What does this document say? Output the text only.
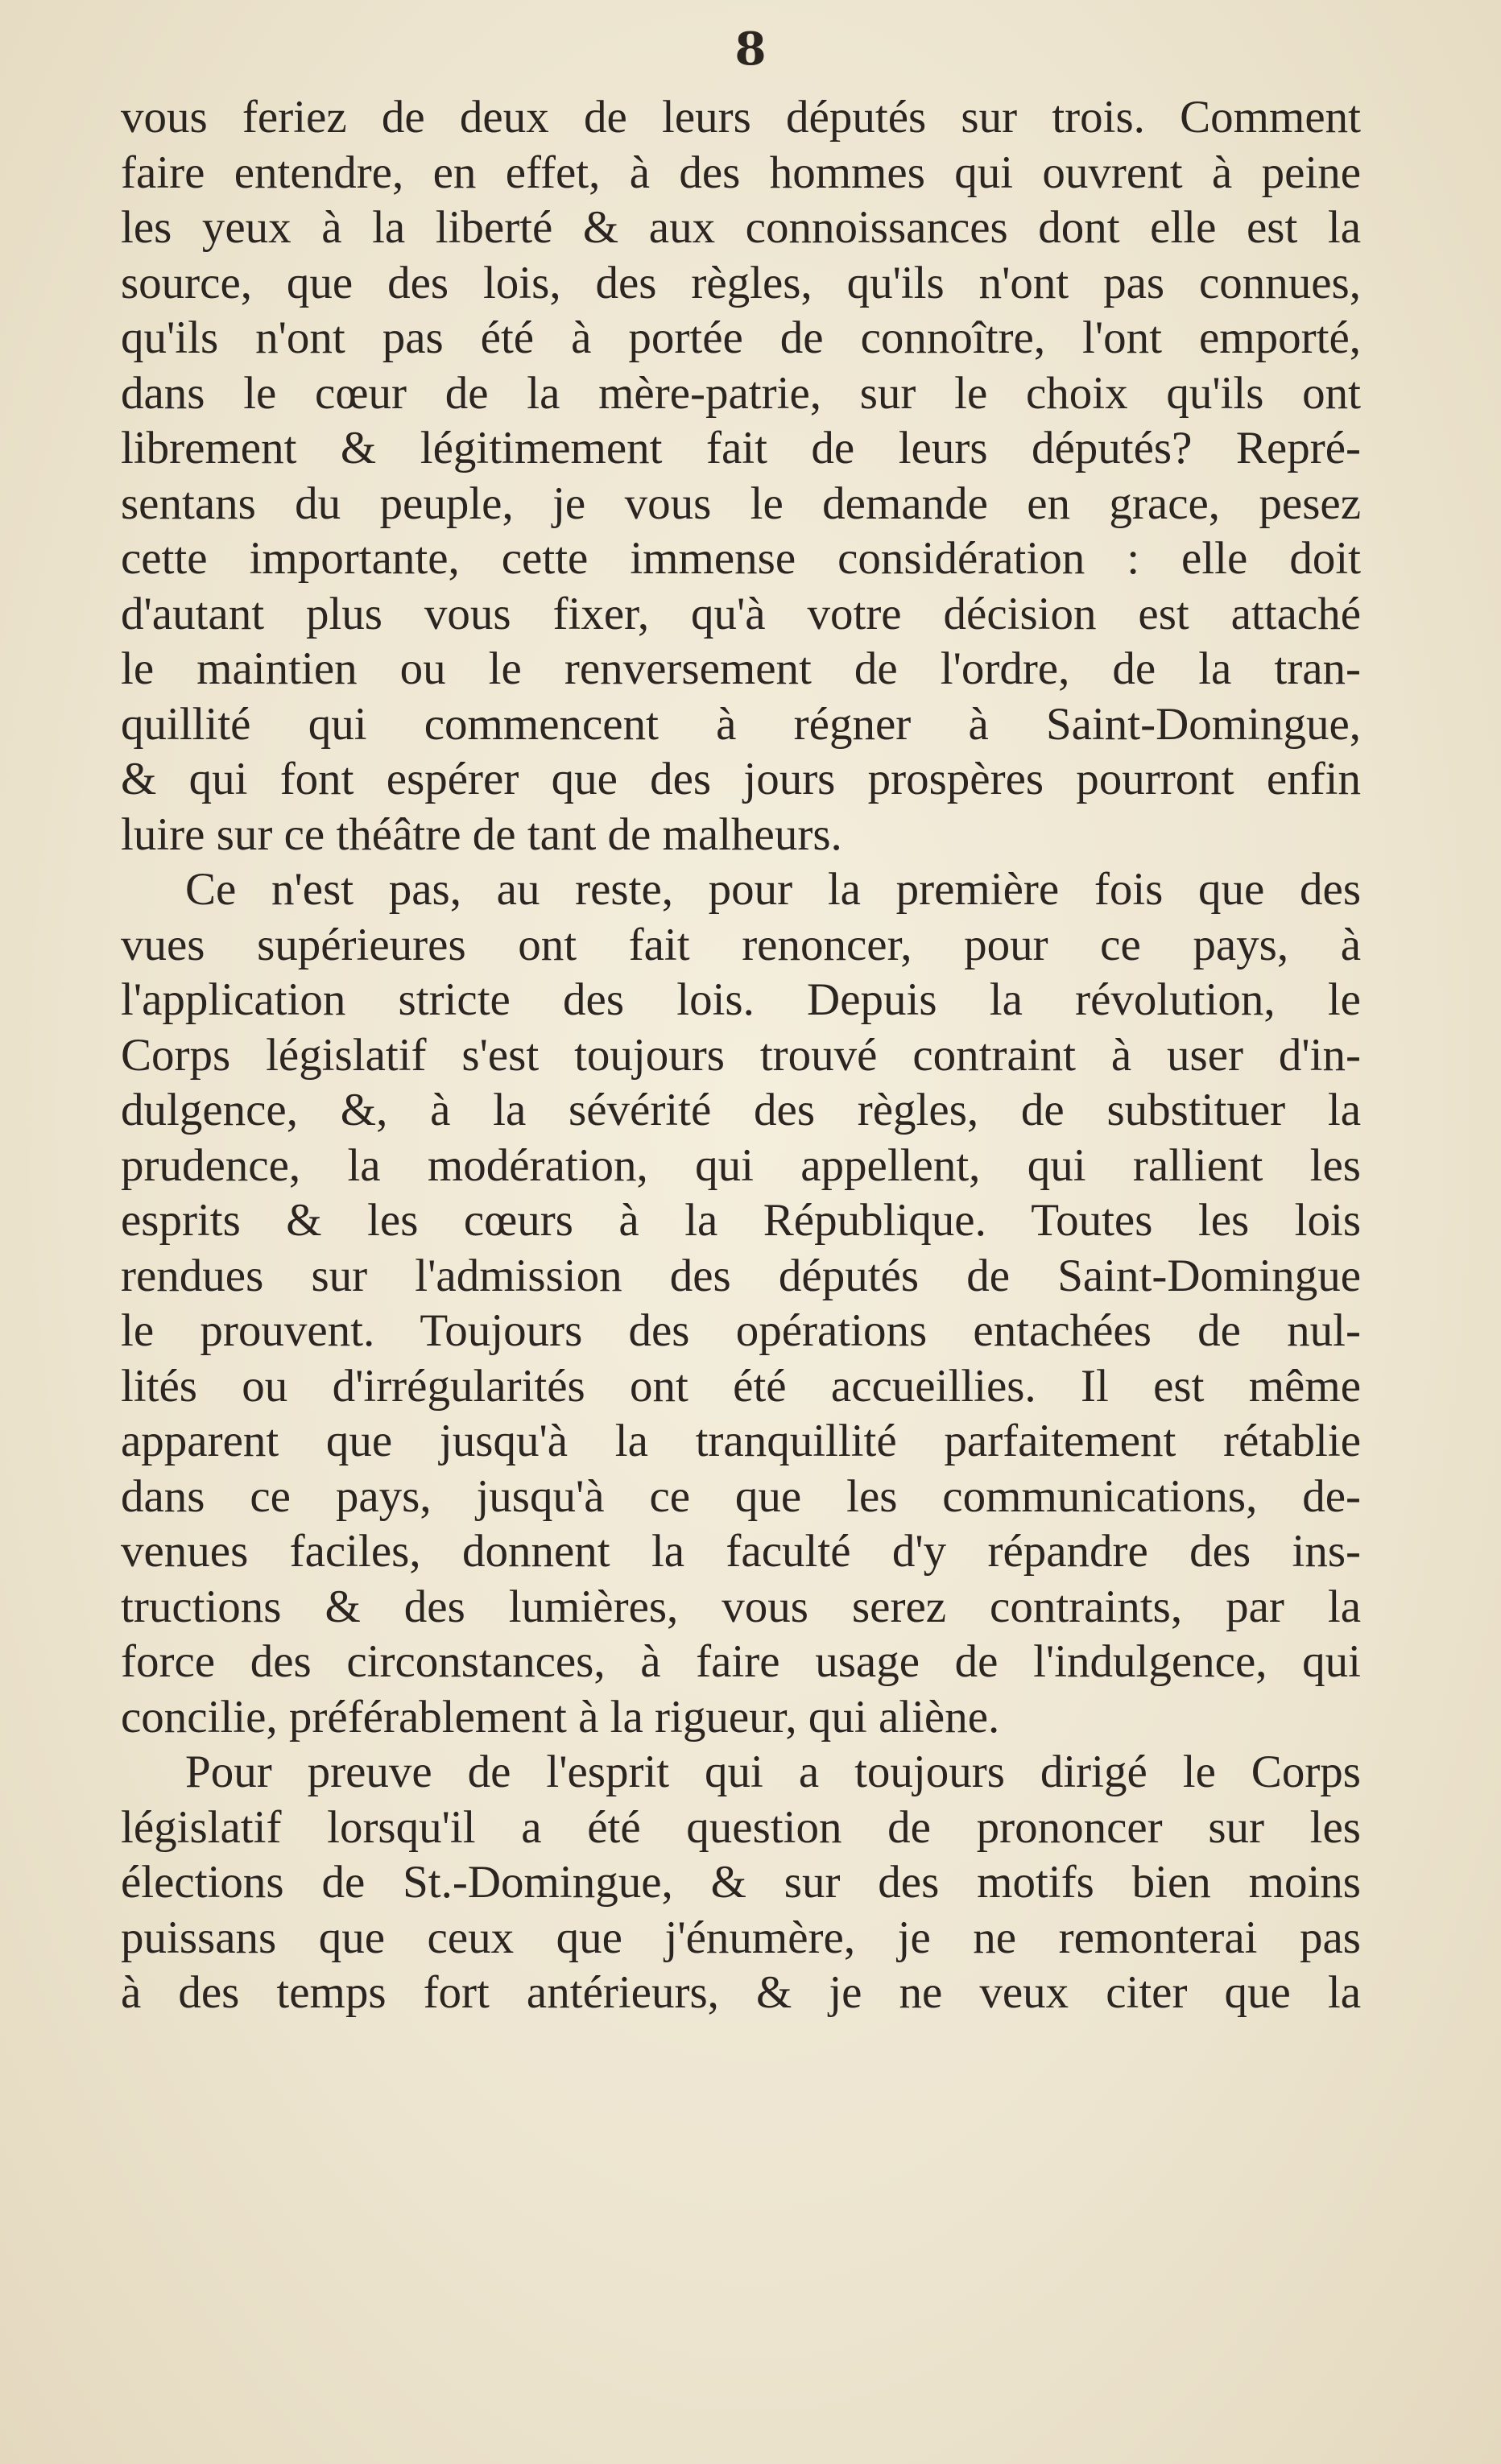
8
vous feriez de deux de leurs députés sur trois. Comment
faire entendre, en effet, à des hommes qui ouvrent à peine
les yeux à la liberté & aux connoissances dont elle est la
source, que des lois, des règles, qu'ils n'ont pas connues,
qu'ils n'ont pas été à portée de connoître, l'ont emporté,
dans le cœur de la mère-patrie, sur le choix qu'ils ont
librement & légitimement fait de leurs députés? Repré-
sentans du peuple, je vous le demande en grace, pesez
cette importante, cette immense considération : elle doit
d'autant plus vous fixer, qu'à votre décision est attaché
le maintien ou le renversement de l'ordre, de la tran-
quillité qui commencent à régner à Saint-Domingue,
& qui font espérer que des jours prospères pourront enfin
luire sur ce théâtre de tant de malheurs.
Ce n'est pas, au reste, pour la première fois que des
vues supérieures ont fait renoncer, pour ce pays, à
l'application stricte des lois. Depuis la révolution, le
Corps législatif s'est toujours trouvé contraint à user d'in-
dulgence, &, à la sévérité des règles, de substituer la
prudence, la modération, qui appellent, qui rallient les
esprits & les cœurs à la République. Toutes les lois
rendues sur l'admission des députés de Saint-Domingue
le prouvent. Toujours des opérations entachées de nul-
lités ou d'irrégularités ont été accueillies. Il est même
apparent que jusqu'à la tranquillité parfaitement rétablie
dans ce pays, jusqu'à ce que les communications, de-
venues faciles, donnent la faculté d'y répandre des ins-
tructions & des lumières, vous serez contraints, par la
force des circonstances, à faire usage de l'indulgence, qui
concilie, préférablement à la rigueur, qui aliène.
Pour preuve de l'esprit qui a toujours dirigé le Corps
législatif lorsqu'il a été question de prononcer sur les
élections de St.-Domingue, & sur des motifs bien moins
puissans que ceux que j'énumère, je ne remonterai pas
à des temps fort antérieurs, & je ne veux citer que la
